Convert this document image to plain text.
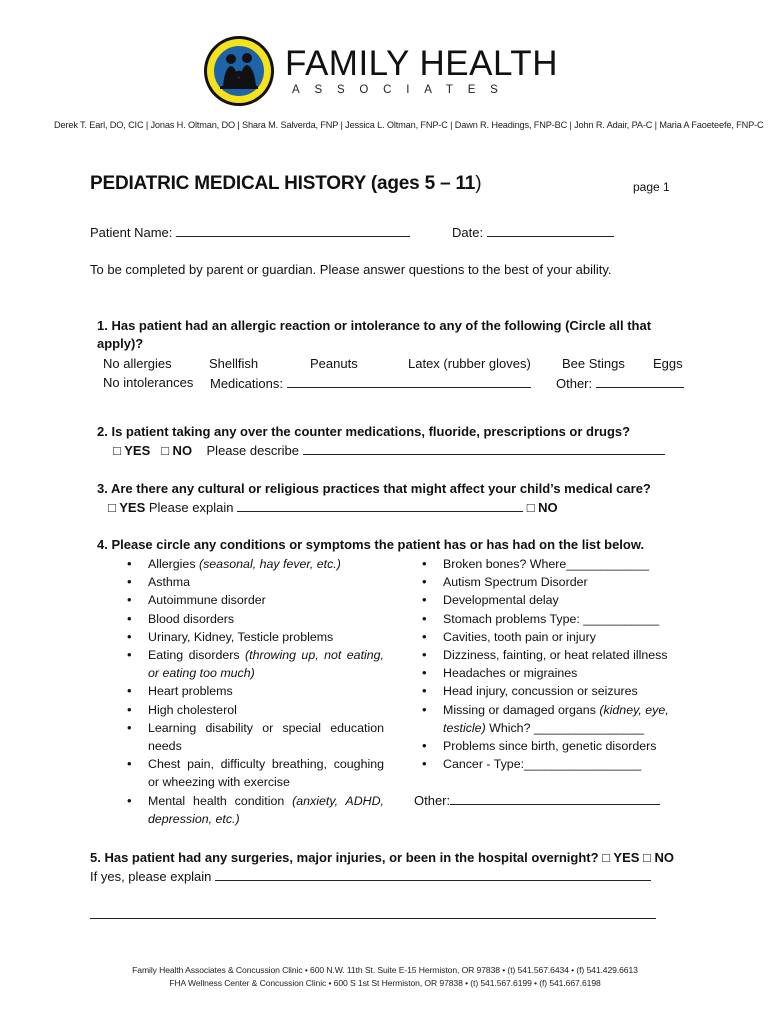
FAMILY HEALTH
ASSOCIATES
Derek T. Earl, DO, CIC | Jonas H. Oltman, DO | Shara M. Salverda, FNP | Jessica L. Oltman, FNP-C | Dawn R. Headings, FNP-BC | John R. Adair, PA-C | Maria A Faoeteefe, FNP-C
PEDIATRIC MEDICAL HISTORY (ages 5 – 11)	page 1
Patient Name:	Date:
To be completed by parent or guardian. Please answer questions to the best of your ability.
1. Has patient had an allergic reaction or intolerance to any of the following (Circle all that
apply)?
No allergies	Shellfish	Peanuts	Latex (rubber gloves) Bee Stings Eggs
No intolerances Medications:	Other:
2. Is patient taking any over the counter medications, fluoride, prescriptions or drugs?
□ YES □ NO Please describe
3. Are there any cultural or religious practices that might affect your child’s medical care?
□ YES Please explain	□ NO
4. Please circle any conditions or symptoms the patient has or has had on the list below.
• Allergies (seasonal, hay fever, etc.)
• Asthma
• Autoimmune disorder
• Blood disorders
• Urinary, Kidney, Testicle problems
• Eating disorders (throwing up, not eating, or eating too much)
• Heart problems
• High cholesterol
• Learning disability or special education needs
• Chest pain, difficulty breathing, coughing or wheezing with exercise
• Mental health condition (anxiety, ADHD, depression, etc.)
• Broken bones? Where____________
• Autism Spectrum Disorder
• Developmental delay
• Stomach problems Type: ___________
• Cavities, tooth pain or injury
• Dizziness, fainting, or heat related illness
• Headaches or migraines
• Head injury, concussion or seizures
• Missing or damaged organs (kidney, eye, testicle) Which? ________________
• Problems since birth, genetic disorders
• Cancer - Type:_________________
Other:
5. Has patient had any surgeries, major injuries, or been in the hospital overnight? □ YES □ NO
If yes, please explain
Family Health Associates & Concussion Clinic • 600 N.W. 11th St. Suite E-15 Hermiston, OR 97838 • (t) 541.567.6434 • (f) 541.429.6613
FHA Wellness Center & Concussion Clinic • 600 S 1st St Hermiston, OR 97838 • (t) 541.567.6199 • (f) 541.667.6198
